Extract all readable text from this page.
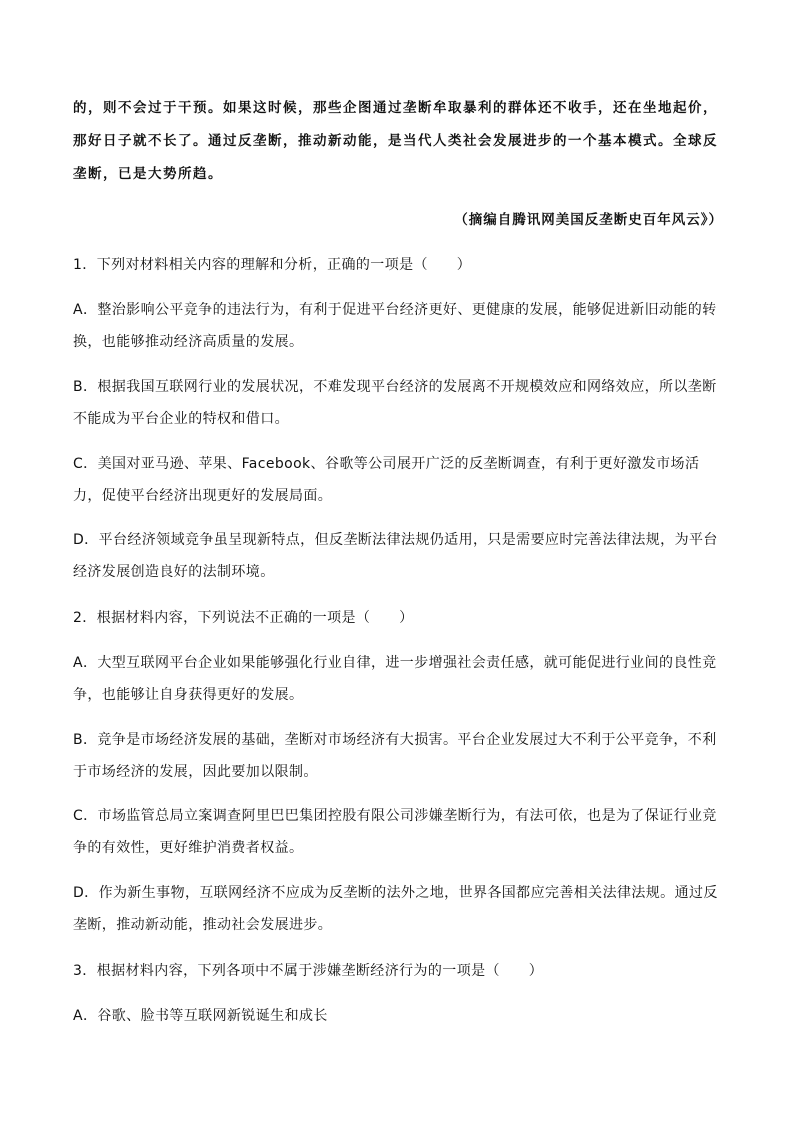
的，则不会过于干预。如果这时候，那些企图通过垄断牟取暴利的群体还不收手，还在坐地起价，那好日子就不长了。通过反垄断，推动新动能，是当代人类社会发展进步的一个基本模式。全球反垄断，已是大势所趋。

（摘编自腾讯网美国反垄断史百年风云》）

1．下列对材料相关内容的理解和分析，正确的一项是（　　）

A．整治影响公平竞争的违法行为，有利于促进平台经济更好、更健康的发展，能够促进新旧动能的转换，也能够推动经济高质量的发展。

B．根据我国互联网行业的发展状况，不难发现平台经济的发展离不开规模效应和网络效应，所以垄断不能成为平台企业的特权和借口。

C．美国对亚马逊、苹果、Facebook、谷歌等公司展开广泛的反垄断调查，有利于更好激发市场活力，促使平台经济出现更好的发展局面。

D．平台经济领域竞争虽呈现新特点，但反垄断法律法规仍适用，只是需要应时完善法律法规，为平台经济发展创造良好的法制环境。

2．根据材料内容，下列说法不正确的一项是（　　）

A．大型互联网平台企业如果能够强化行业自律，进一步增强社会责任感，就可能促进行业间的良性竞争，也能够让自身获得更好的发展。

B．竞争是市场经济发展的基础，垄断对市场经济有大损害。平台企业发展过大不利于公平竞争，不利于市场经济的发展，因此要加以限制。

C．市场监管总局立案调查阿里巴巴集团控股有限公司涉嫌垄断行为，有法可依，也是为了保证行业竞争的有效性，更好维护消费者权益。

D．作为新生事物，互联网经济不应成为反垄断的法外之地，世界各国都应完善相关法律法规。通过反垄断，推动新动能，推动社会发展进步。

3．根据材料内容，下列各项中不属于涉嫌垄断经济行为的一项是（　　）

A．谷歌、脸书等互联网新锐诞生和成长
